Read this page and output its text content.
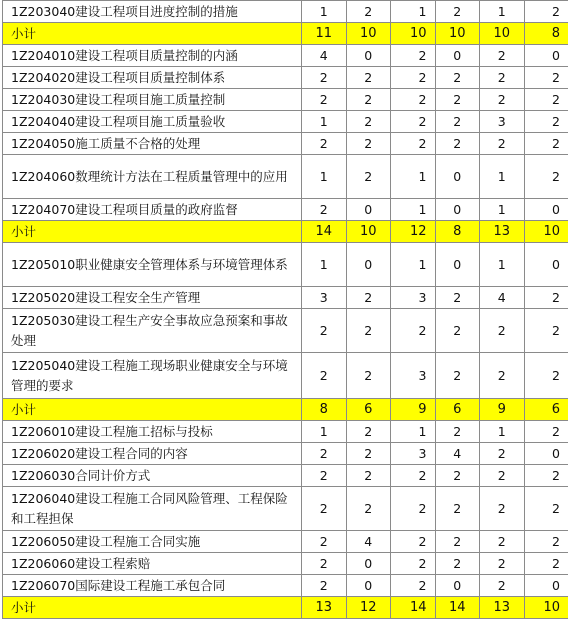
1Z203040建设工程项目进度控制的措施	1	2	1	2	1	2
小计	11	10	10	10	10	8
1Z204010建设工程项目质量控制的内涵	4	0	2	0	2	0
1Z204020建设工程项目质量控制体系	2	2	2	2	2	2
1Z204030建设工程项目施工质量控制	2	2	2	2	2	2
1Z204040建设工程项目施工质量验收	1	2	2	2	3	2
1Z204050施工质量不合格的处理	2	2	2	2	2	2
1Z204060数理统计方法在工程质量管理中的应用	1	2	1	0	1	2
1Z204070建设工程项目质量的政府监督	2	0	1	0	1	0
小计	14	10	12	8	13	10
1Z205010职业健康安全管理体系与环境管理体系	1	0	1	0	1	0
1Z205020建设工程安全生产管理	3	2	3	2	4	2
1Z205030建设工程生产安全事故应急预案和事故处理	2	2	2	2	2	2
1Z205040建设工程施工现场职业健康安全与环境管理的要求	2	2	3	2	2	2
小计	8	6	9	6	9	6
1Z206010建设工程施工招标与投标	1	2	1	2	1	2
1Z206020建设工程合同的内容	2	2	3	4	2	0
1Z206030合同计价方式	2	2	2	2	2	2
1Z206040建设工程施工合同风险管理、工程保险和工程担保	2	2	2	2	2	2
1Z206050建设工程施工合同实施	2	4	2	2	2	2
1Z206060建设工程索赔	2	0	2	2	2	2
1Z206070国际建设工程施工承包合同	2	0	2	0	2	0
小计	13	12	14	14	13	10
